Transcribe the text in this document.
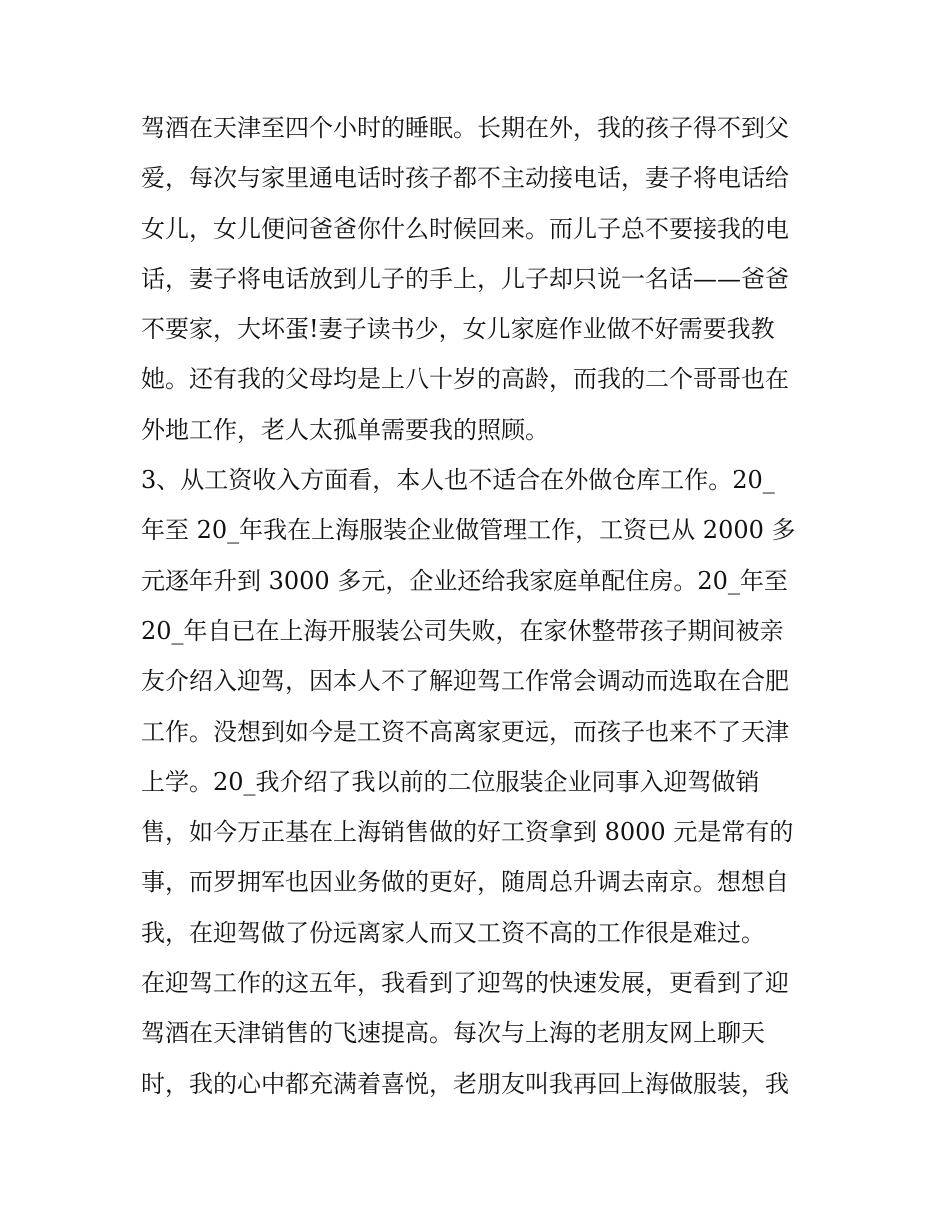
驾酒在天津至四个小时的睡眠。长期在外，我的孩子得不到父
爱，每次与家里通电话时孩子都不主动接电话，妻子将电话给
女儿，女儿便问爸爸你什么时候回来。而儿子总不要接我的电
话，妻子将电话放到儿子的手上，儿子却只说一名话——爸爸
不要家，大坏蛋!妻子读书少，女儿家庭作业做不好需要我教
她。还有我的父母均是上八十岁的高龄，而我的二个哥哥也在
外地工作，老人太孤单需要我的照顾。
3、从工资收入方面看，本人也不适合在外做仓库工作。20_
年至 20_年我在上海服装企业做管理工作，工资已从 2000 多
元逐年升到 3000 多元，企业还给我家庭单配住房。20_年至
20_年自已在上海开服装公司失败，在家休整带孩子期间被亲
友介绍入迎驾，因本人不了解迎驾工作常会调动而选取在合肥
工作。没想到如今是工资不高离家更远，而孩子也来不了天津
上学。20_我介绍了我以前的二位服装企业同事入迎驾做销
售，如今万正基在上海销售做的好工资拿到 8000 元是常有的
事，而罗拥军也因业务做的更好，随周总升调去南京。想想自
我，在迎驾做了份远离家人而又工资不高的工作很是难过。
在迎驾工作的这五年，我看到了迎驾的快速发展，更看到了迎
驾酒在天津销售的飞速提高。每次与上海的老朋友网上聊天
时，我的心中都充满着喜悦，老朋友叫我再回上海做服装，我
